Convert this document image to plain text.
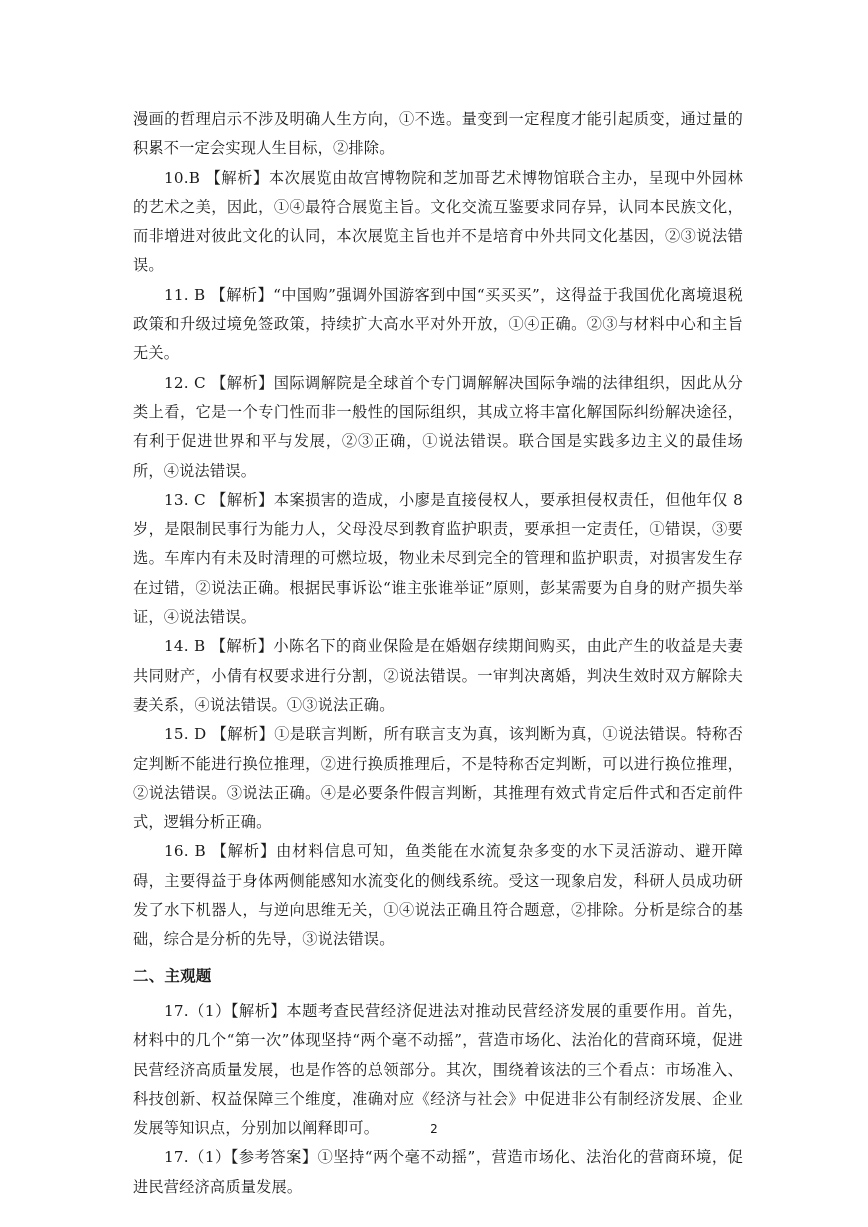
漫画的哲理启示不涉及明确人生方向，①不选。量变到一定程度才能引起质变，通过量的积累不一定会实现人生目标，②排除。

10.B 【解析】本次展览由故宫博物院和芝加哥艺术博物馆联合主办，呈现中外园林的艺术之美，因此，①④最符合展览主旨。文化交流互鉴要求同存异，认同本民族文化，而非增进对彼此文化的认同，本次展览主旨也并不是培育中外共同文化基因，②③说法错误。

11. B 【解析】“中国购”强调外国游客到中国“买买买”，这得益于我国优化离境退税政策和升级过境免签政策，持续扩大高水平对外开放，①④正确。②③与材料中心和主旨无关。

12. C 【解析】国际调解院是全球首个专门调解解决国际争端的法律组织，因此从分类上看，它是一个专门性而非一般性的国际组织，其成立将丰富化解国际纠纷解决途径，有利于促进世界和平与发展，②③正确，①说法错误。联合国是实践多边主义的最佳场所，④说法错误。

13. C 【解析】本案损害的造成，小廖是直接侵权人，要承担侵权责任，但他年仅 8 岁，是限制民事行为能力人，父母没尽到教育监护职责，要承担一定责任，①错误，③要选。车库内有未及时清理的可燃垃圾，物业未尽到完全的管理和监护职责，对损害发生存在过错，②说法正确。根据民事诉讼“谁主张谁举证”原则，彭某需要为自身的财产损失举证，④说法错误。

14. B 【解析】小陈名下的商业保险是在婚姻存续期间购买，由此产生的收益是夫妻共同财产，小倩有权要求进行分割，②说法错误。一审判决离婚，判决生效时双方解除夫妻关系，④说法错误。①③说法正确。

15. D 【解析】①是联言判断，所有联言支为真，该判断为真，①说法错误。特称否定判断不能进行换位推理，②进行换质推理后，不是特称否定判断，可以进行换位推理，②说法错误。③说法正确。④是必要条件假言判断，其推理有效式肯定后件式和否定前件式，逻辑分析正确。

16. B 【解析】由材料信息可知，鱼类能在水流复杂多变的水下灵活游动、避开障碍，主要得益于身体两侧能感知水流变化的侧线系统。受这一现象启发，科研人员成功研发了水下机器人，与逆向思维无关，①④说法正确且符合题意，②排除。分析是综合的基础，综合是分析的先导，③说法错误。

二、主观题

17.（1）【解析】本题考查民营经济促进法对推动民营经济发展的重要作用。首先，材料中的几个“第一次”体现坚持“两个毫不动摇”，营造市场化、法治化的营商环境，促进民营经济高质量发展，也是作答的总领部分。其次，围绕着该法的三个看点：市场准入、科技创新、权益保障三个维度，准确对应《经济与社会》中促进非公有制经济发展、企业发展等知识点，分别加以阐释即可。

17.（1）【参考答案】①坚持“两个毫不动摇”，营造市场化、法治化的营商环境，促进民营经济高质量发展。

2
